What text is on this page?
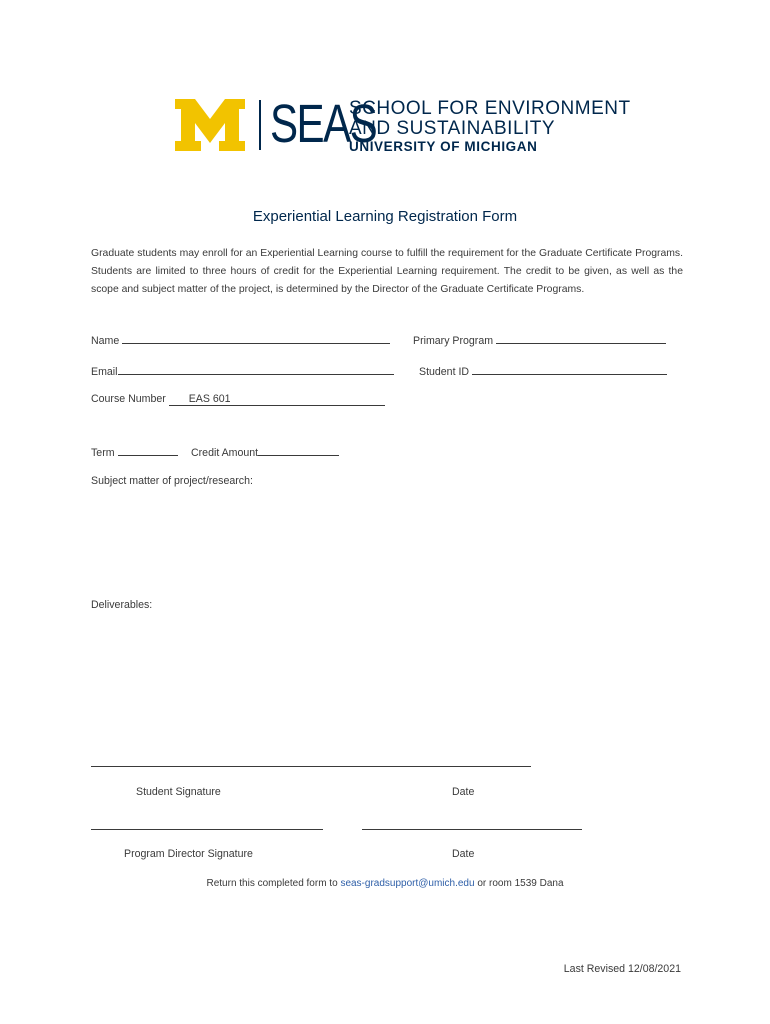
SEAS
SCHOOL FOR ENVIRONMENT
AND SUSTAINABILITY
UNIVERSITY OF MICHIGAN
Experiential Learning Registration Form
Graduate students may enroll for an Experiential Learning course to fulfill the requirement for the Graduate Certificate Programs. Students are limited to three hours of credit for the Experiential Learning requirement. The credit to be given, as well as the scope and subject matter of the project, is determined by the Director of the Graduate Certificate Programs.
Name	Primary Program
Email	Student ID
Course Number EAS 601
Term	Credit Amount
Subject matter of project/research:
Deliverables:
Student Signature	Date
Program Director Signature	Date
Return this completed form to seas-gradsupport@umich.edu or room 1539 Dana
Last Revised 12/08/2021
